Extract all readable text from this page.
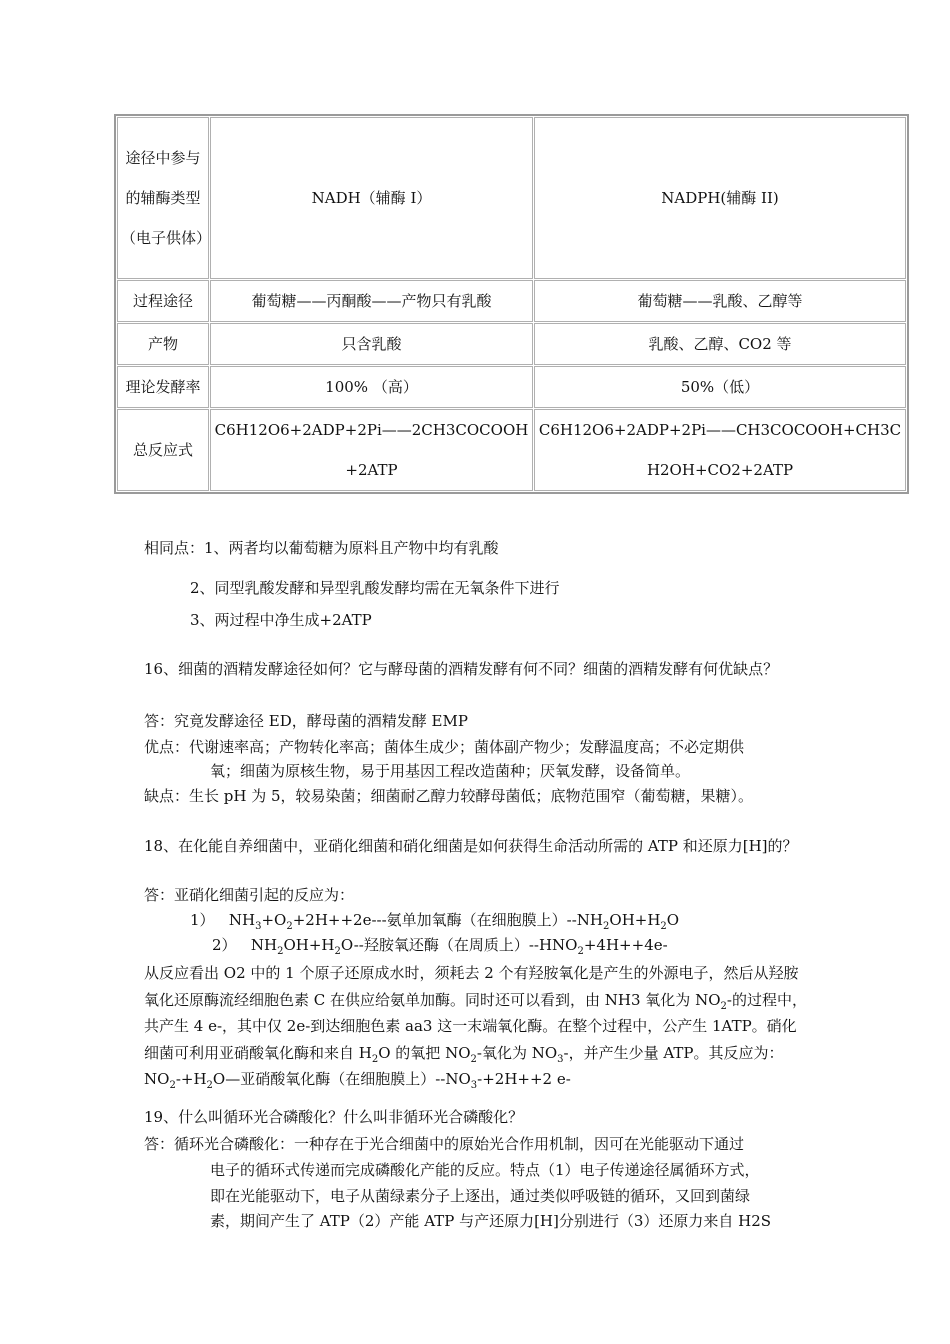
途径中参与的辅酶类型（电子供体）	NADH（辅酶 I）	NADPH(辅酶 II)
过程途径	葡萄糖——丙酮酸——产物只有乳酸	葡萄糖——乳酸、乙醇等
产物	只含乳酸	乳酸、乙醇、CO2 等
理论发酵率	100% （高）	50%（低）
总反应式	C6H12O6+2ADP+2Pi——2CH3COCOOH+2ATP	C6H12O6+2ADP+2Pi——CH3COCOOH+CH3CH2OH+CO2+2ATP
相同点：1、两者均以葡萄糖为原料且产物中均有乳酸
2、同型乳酸发酵和异型乳酸发酵均需在无氧条件下进行
3、两过程中净生成+2ATP
16、细菌的酒精发酵途径如何？它与酵母菌的酒精发酵有何不同？细菌的酒精发酵有何优缺点？
答：究竟发酵途径 ED，酵母菌的酒精发酵 EMP
优点：代谢速率高；产物转化率高；菌体生成少；菌体副产物少；发酵温度高；不必定期供
氧；细菌为原核生物，易于用基因工程改造菌种；厌氧发酵，设备简单。
缺点：生长 pH 为 5，较易染菌；细菌耐乙醇力较酵母菌低；底物范围窄（葡萄糖，果糖）。
18、在化能自养细菌中，亚硝化细菌和硝化细菌是如何获得生命活动所需的 ATP 和还原力[H]的？
答：亚硝化细菌引起的反应为：
1） $NH_3+O_2+2H++2e---$氨单加氧酶（在细胞膜上）$--NH_2OH+H_2O$
2） $NH_2OH+H_2O--$羟胺氧还酶（在周质上）$--HNO_2+4H++4e-$
从反应看出 O2 中的 1 个原子还原成水时，须耗去 2 个有羟胺氧化是产生的外源电子，然后从羟胺氧化还原酶流经细胞色素 C 在供应给氨单加酶。同时还可以看到，由 NH3 氧化为 $NO_2-$的过程中，共产生 4 e-，其中仅 2e-到达细胞色素 aa3 这一末端氧化酶。在整个过程中，公产生 1ATP。硝化细菌可利用亚硝酸氧化酶和来自 $H_2O$ 的氧把 $NO_2-$氧化为 $NO_3-$，并产生少量 ATP。其反应为：$NO_2-+H_2O—$亚硝酸氧化酶（在细胞膜上）$--NO_3-+2H++2$ e-
19、什么叫循环光合磷酸化？什么叫非循环光合磷酸化？
答：循环光合磷酸化：一种存在于光合细菌中的原始光合作用机制，因可在光能驱动下通过
电子的循环式传递而完成磷酸化产能的反应。特点（1）电子传递途径属循环方式，
即在光能驱动下，电子从菌绿素分子上逐出，通过类似呼吸链的循环，又回到菌绿
素，期间产生了 ATP（2）产能 ATP 与产还原力[H]分别进行（3）还原力来自 H2S
